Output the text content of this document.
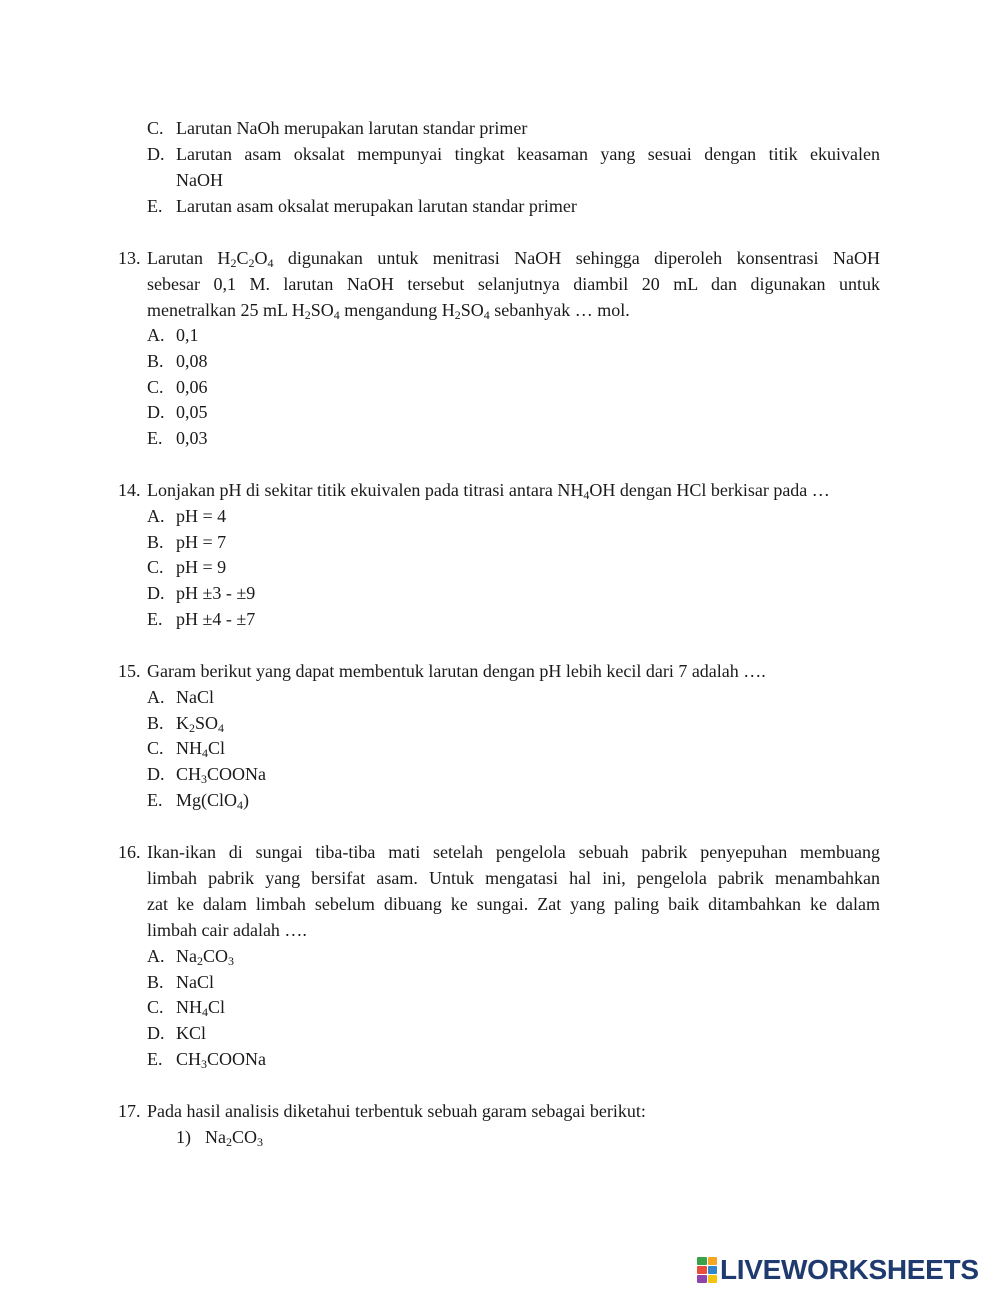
C. Larutan NaOh merupakan larutan standar primer
D. Larutan asam oksalat mempunyai tingkat keasaman yang sesuai dengan titik ekuivalen
NaOH
E. Larutan asam oksalat merupakan larutan standar primer
13. Larutan $H_2C_2O_4$ digunakan untuk menitrasi NaOH sehingga diperoleh konsentrasi NaOH
sebesar 0,1 M. larutan NaOH tersebut selanjutnya diambil 20 mL dan digunakan untuk
menetralkan 25 mL $H_2SO_4$ mengandung $H_2SO_4$ sebanhyak … mol.
A. 0,1
B. 0,08
C. 0,06
D. 0,05
E. 0,03
14. Lonjakan pH di sekitar titik ekuivalen pada titrasi antara $NH_4OH$ dengan HCl berkisar pada …
A. pH = 4
B. pH = 7
C. pH = 9
D. pH ±3 - ±9
E. pH ±4 - ±7
15. Garam berikut yang dapat membentuk larutan dengan pH lebih kecil dari 7 adalah ….
A. NaCl
B. $K_2SO_4$
C. $NH_4Cl$
D. $CH_3COONa$
E. Mg(ClO$_4$)
16. Ikan-ikan di sungai tiba-tiba mati setelah pengelola sebuah pabrik penyepuhan membuang
limbah pabrik yang bersifat asam. Untuk mengatasi hal ini, pengelola pabrik menambahkan
zat ke dalam limbah sebelum dibuang ke sungai. Zat yang paling baik ditambahkan ke dalam
limbah cair adalah ….
A. $Na_2CO_3$
B. NaCl
C. $NH_4Cl$
D. KCl
E. $CH_3COONa$
17. Pada hasil analisis diketahui terbentuk sebuah garam sebagai berikut:
1) $Na_2CO_3$
LIVEWORKSHEETS
